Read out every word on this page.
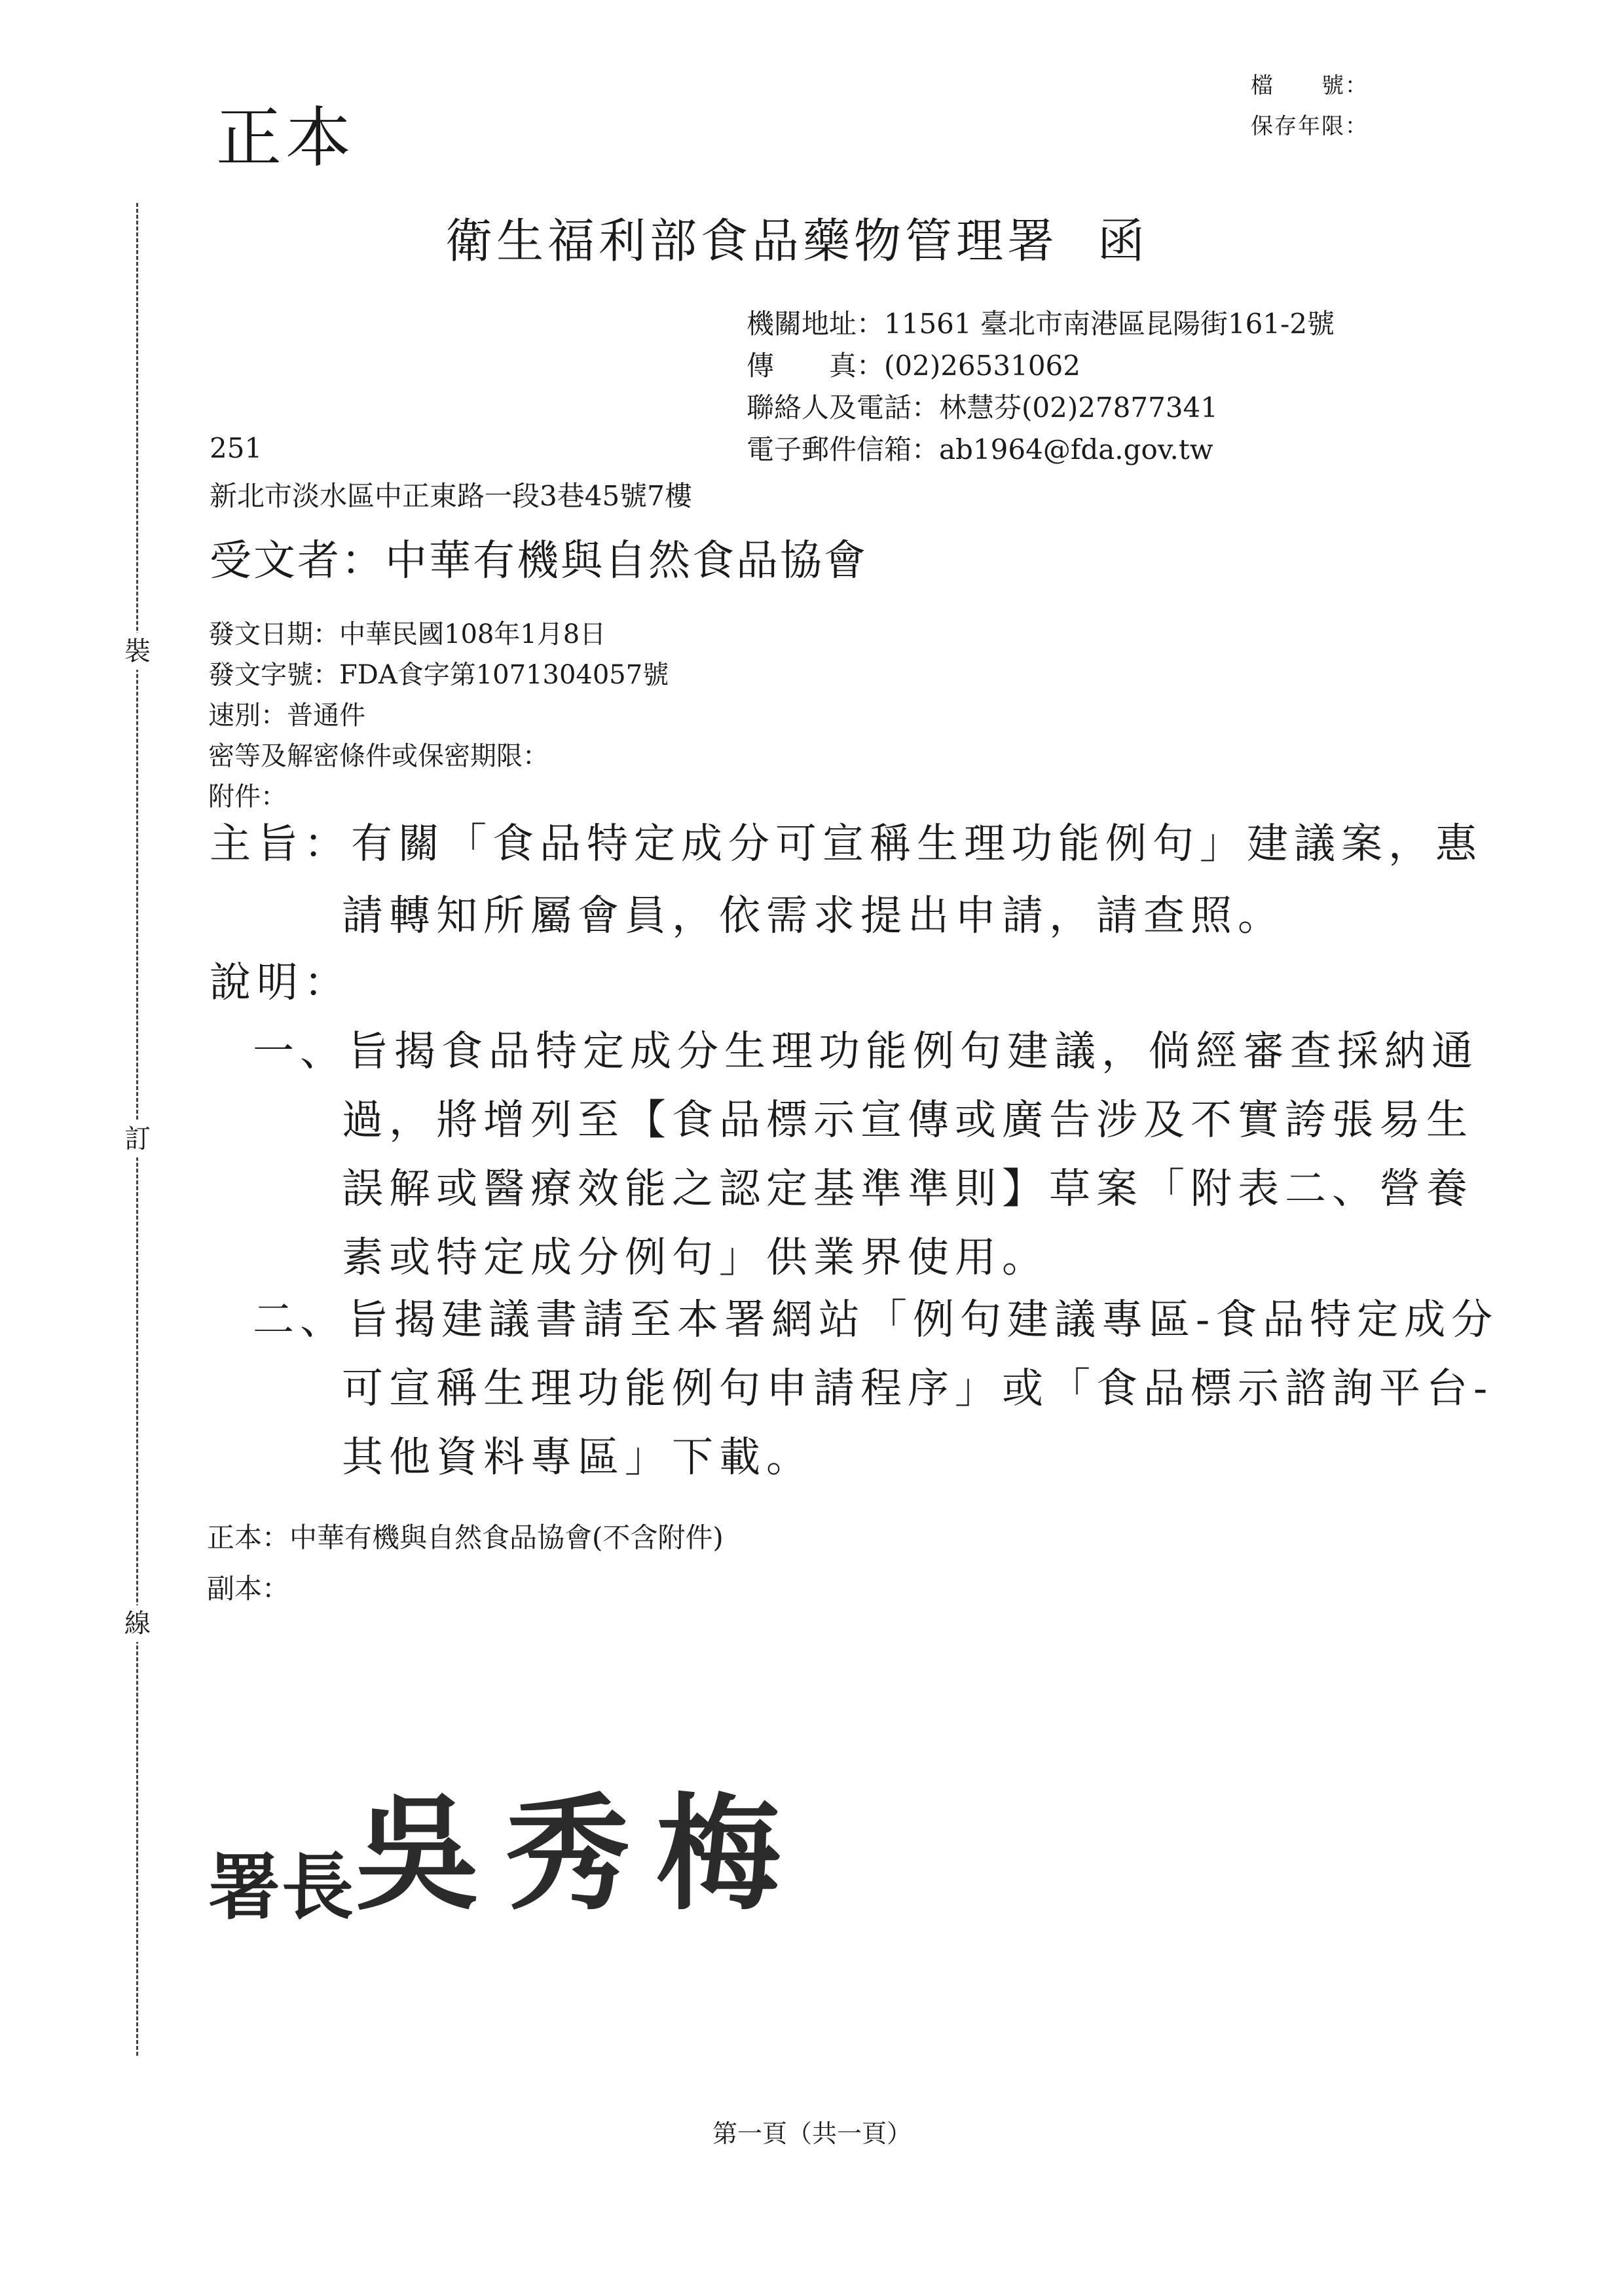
正本
檔　　號：
保存年限：
裝
訂
線
衛生福利部食品藥物管理署 函
機關地址：11561 臺北市南港區昆陽街161-2號
傳　　真：(02)26531062
聯絡人及電話：林慧芬(02)27877341
電子郵件信箱：ab1964@fda.gov.tw
251
新北市淡水區中正東路一段3巷45號7樓
受文者：中華有機與自然食品協會
發文日期：中華民國108年1月8日
發文字號：FDA食字第1071304057號
速別：普通件
密等及解密條件或保密期限：
附件：
主旨：有關「食品特定成分可宣稱生理功能例句」建議案，惠
請轉知所屬會員，依需求提出申請，請查照。
說明：
一、旨揭食品特定成分生理功能例句建議，倘經審查採納通
過，將增列至【食品標示宣傳或廣告涉及不實誇張易生
誤解或醫療效能之認定基準準則】草案「附表二、營養
素或特定成分例句」供業界使用。
二、旨揭建議書請至本署網站「例句建議專區-食品特定成分
可宣稱生理功能例句申請程序」或「食品標示諮詢平台-
其他資料專區」下載。
正本：中華有機與自然食品協會(不含附件)
副本：
署長吳秀梅
第一頁（共一頁）
